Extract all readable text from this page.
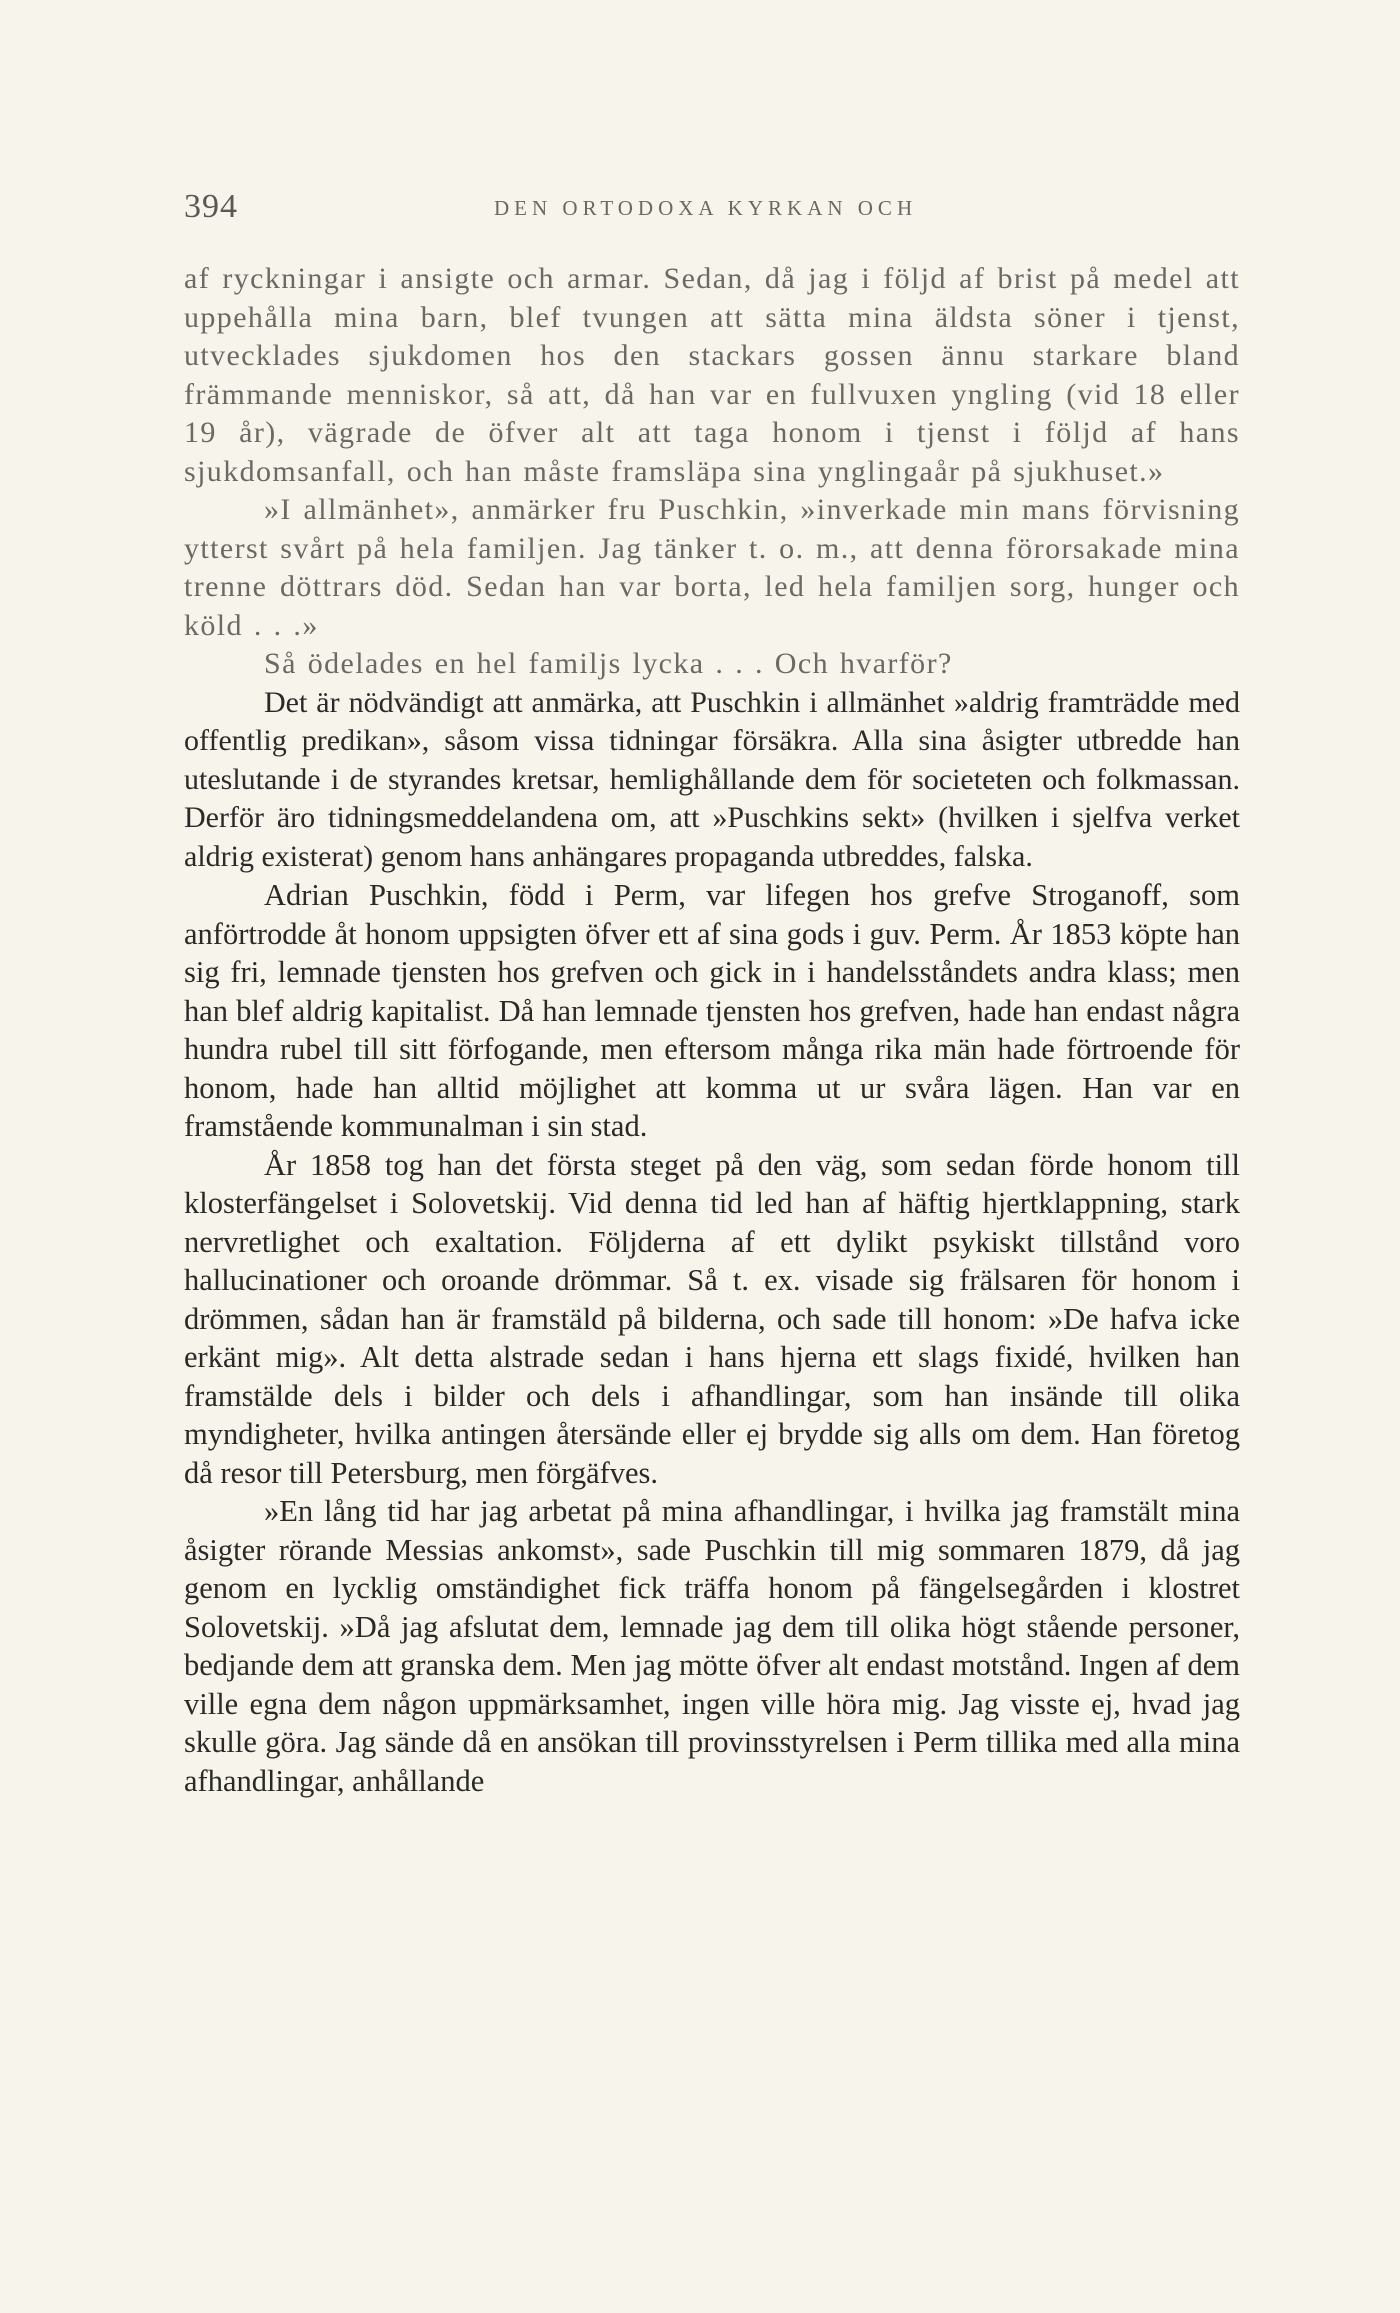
394	DEN ORTODOXA KYRKAN OCH

af ryckningar i ansigte och armar. Sedan, då jag i följd af brist på medel att uppehålla mina barn, blef tvungen att sätta mina äldsta söner i tjenst, utvecklades sjukdomen hos den stackars gossen ännu starkare bland främmande menniskor, så att, då han var en fullvuxen yngling (vid 18 eller 19 år), vägrade de öfver alt att taga honom i tjenst i följd af hans sjukdomsanfall, och han måste framsläpa sina ynglingaår på sjukhuset.»

»I allmänhet», anmärker fru Puschkin, »inverkade min mans förvisning ytterst svårt på hela familjen. Jag tänker t. o. m., att denna förorsakade mina trenne döttrars död. Sedan han var borta, led hela familjen sorg, hunger och köld . . .»

Så ödelades en hel familjs lycka . . . Och hvarför?

Det är nödvändigt att anmärka, att Puschkin i allmänhet »aldrig framträdde med offentlig predikan», såsom vissa tidningar försäkra. Alla sina åsigter utbredde han uteslutande i de styrandes kretsar, hemlighållande dem för societeten och folkmassan. Derför äro tidningsmeddelandena om, att »Puschkins sekt» (hvilken i sjelfva verket aldrig existerat) genom hans anhängares propaganda utbreddes, falska.

Adrian Puschkin, född i Perm, var lifegen hos grefve Stroganoff, som anförtrodde åt honom uppsigten öfver ett af sina gods i guv. Perm. År 1853 köpte han sig fri, lemnade tjensten hos grefven och gick in i handelsståndets andra klass; men han blef aldrig kapitalist. Då han lemnade tjensten hos grefven, hade han endast några hundra rubel till sitt förfogande, men eftersom många rika män hade förtroende för honom, hade han alltid möjlighet att komma ut ur svåra lägen. Han var en framstående kommunalman i sin stad.

År 1858 tog han det första steget på den väg, som sedan förde honom till klosterfängelset i Solovetskij. Vid denna tid led han af häftig hjertklappning, stark nervretlighet och exaltation. Följderna af ett dylikt psykiskt tillstånd voro hallucinationer och oroande drömmar. Så t. ex. visade sig frälsaren för honom i drömmen, sådan han är framstäld på bilderna, och sade till honom: »De hafva icke erkänt mig». Alt detta alstrade sedan i hans hjerna ett slags fixidé, hvilken han framstälde dels i bilder och dels i afhandlingar, som han insände till olika myndigheter, hvilka antingen återsände eller ej brydde sig alls om dem. Han företog då resor till Petersburg, men förgäfves.

»En lång tid har jag arbetat på mina afhandlingar, i hvilka jag framstält mina åsigter rörande Messias ankomst», sade Puschkin till mig sommaren 1879, då jag genom en lycklig omständighet fick träffa honom på fängelsegården i klostret Solovetskij. »Då jag afslutat dem, lemnade jag dem till olika högt stående personer, bedjande dem att granska dem. Men jag mötte öfver alt endast motstånd. Ingen af dem ville egna dem någon uppmärksamhet, ingen ville höra mig. Jag visste ej, hvad jag skulle göra. Jag sände då en ansökan till provinsstyrelsen i Perm tillika med alla mina afhandlingar, anhållande
